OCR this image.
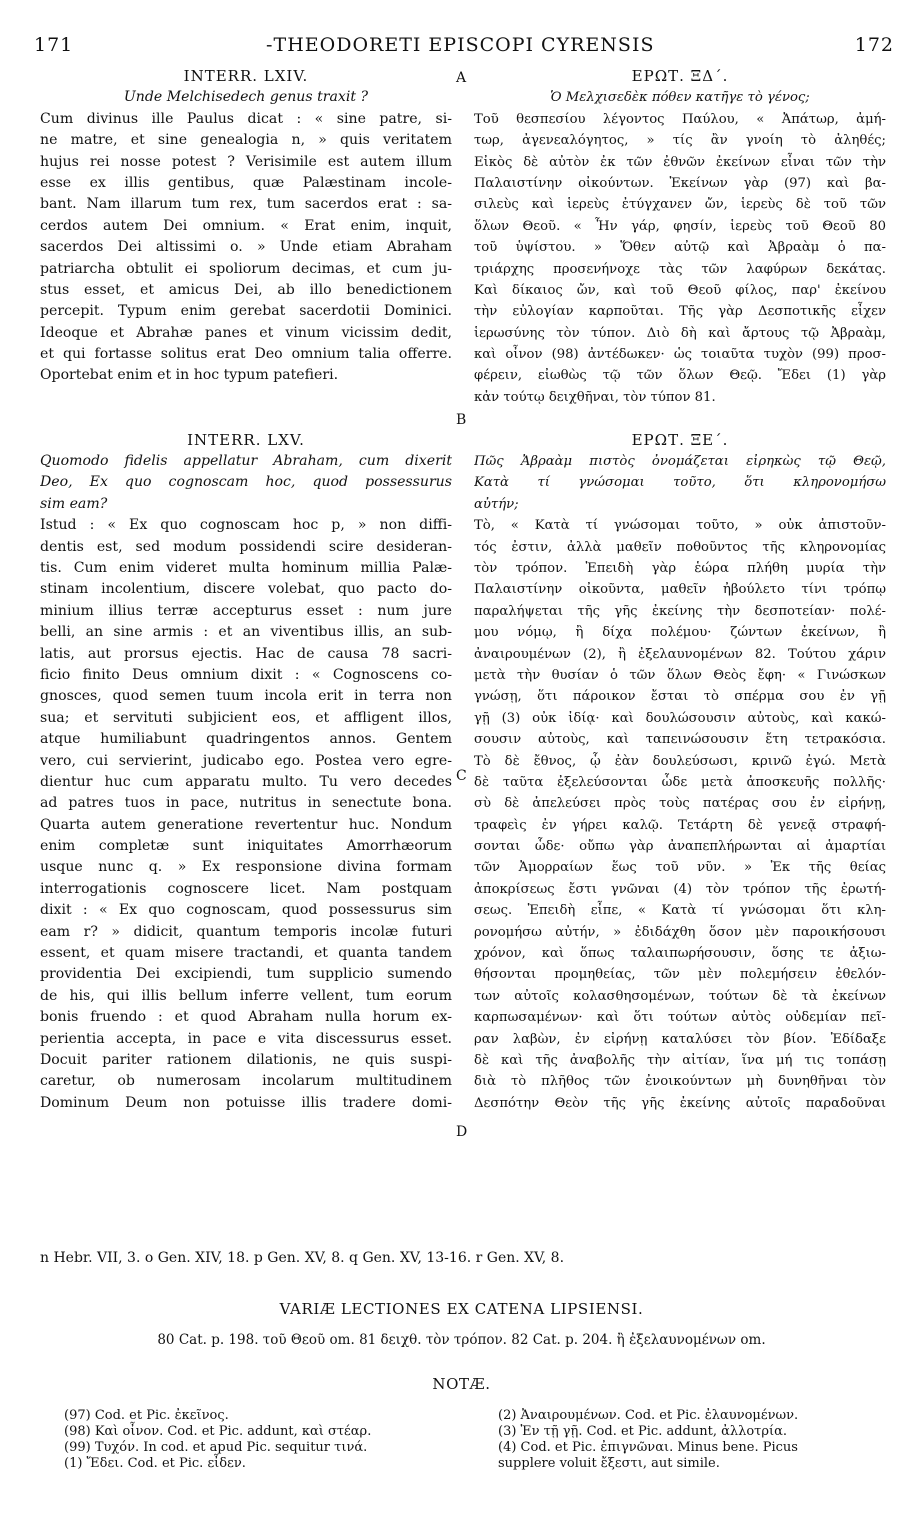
171	- THEODORETI EPISCOPI CYRENSIS	172
A
B
C
D
INTERR. LXIV.
Unde Melchisedech genus traxit ?
Cum divinus ille Paulus dicat : « sine patre, si-
ne matre, et sine genealogia n, » quis veritatem
hujus rei nosse potest ? Verisimile est autem illum
esse ex illis gentibus, quæ Palæstinam incole-
bant. Nam illarum tum rex, tum sacerdos erat : sa-
cerdos autem Dei omnium. « Erat enim, inquit,
sacerdos Dei altissimi o. » Unde etiam Abraham
patriarcha obtulit ei spoliorum decimas, et cum ju-
stus esset, et amicus Dei, ab illo benedictionem
percepit. Typum enim gerebat sacerdotii Dominici.
Ideoque et Abrahæ panes et vinum vicissim dedit,
et qui fortasse solitus erat Deo omnium talia offerre.
Oportebat enim et in hoc typum patefieri.
INTERR. LXV.
Quomodo fidelis appellatur Abraham, cum dixerit
Deo, Ex quo cognoscam hoc, quod possessurus
sim eam?
Istud : « Ex quo cognoscam hoc p, » non diffi-
dentis est, sed modum possidendi scire desideran-
tis. Cum enim videret multa hominum millia Palæ-
stinam incolentium, discere volebat, quo pacto do-
minium illius terræ accepturus esset : num jure
belli, an sine armis : et an viventibus illis, an sub-
latis, aut prorsus ejectis. Hac de causa 78 sacri-
ficio finito Deus omnium dixit : « Cognoscens co-
gnosces, quod semen tuum incola erit in terra non
sua; et servituti subjicient eos, et affligent illos,
atque humiliabunt quadringentos annos. Gentem
vero, cui servierint, judicabo ego. Postea vero egre-
dientur huc cum apparatu multo. Tu vero decedes
ad patres tuos in pace, nutritus in senectute bona.
Quarta autem generatione revertentur huc. Nondum
enim completæ sunt iniquitates Amorrhæorum
usque nunc q. » Ex responsione divina formam
interrogationis cognoscere licet. Nam postquam
dixit : « Ex quo cognoscam, quod possessurus sim
eam r? » didicit, quantum temporis incolæ futuri
essent, et quam misere tractandi, et quanta tandem
providentia Dei excipiendi, tum supplicio sumendo
de his, qui illis bellum inferre vellent, tum eorum
bonis fruendo : et quod Abraham nulla horum ex-
perientia accepta, in pace e vita discessurus esset.
Docuit pariter rationem dilationis, ne quis suspi-
caretur, ob numerosam incolarum multitudinem
Dominum Deum non potuisse illis tradere domi-
ΕΡΩΤ. ΞΔ΄.
Ὁ Μελχισεδὲκ πόθεν κατῆγε τὸ γένος;
Τοῦ θεσπεσίου λέγοντος Παύλου, « Ἀπάτωρ, ἀμή-
τωρ, ἀγενεαλόγητος, » τίς ἂν γνοίη τὸ ἀληθές;
Εἰκὸς δὲ αὐτὸν ἐκ τῶν ἐθνῶν ἐκείνων εἶναι τῶν τὴν
Παλαιστίνην οἰκούντων. Ἐκείνων γὰρ (97) καὶ βα-
σιλεὺς καὶ ἱερεὺς ἐτύγχανεν ὤν, ἱερεὺς δὲ τοῦ τῶν
ὅλων Θεοῦ. « Ἦν γάρ, φησίν, ἱερεὺς τοῦ Θεοῦ 80
τοῦ ὑψίστου. » Ὅθεν αὐτῷ καὶ Ἀβραὰμ ὁ πα-
τριάρχης προσενήνοχε τὰς τῶν λαφύρων δεκάτας.
Καὶ δίκαιος ὤν, καὶ τοῦ Θεοῦ φίλος, παρ' ἐκείνου
τὴν εὐλογίαν καρποῦται. Τῆς γὰρ Δεσποτικῆς εἶχεν
ἱερωσύνης τὸν τύπον. Διὸ δὴ καὶ ἄρτους τῷ Ἀβραὰμ,
καὶ οἶνον (98) ἀντέδωκεν· ὡς τοιαῦτα τυχὸν (99) προσ-
φέρειν, εἰωθὼς τῷ τῶν ὅλων Θεῷ. Ἔδει (1) γὰρ
κἀν τούτῳ δειχθῆναι, τὸν τύπον 81.
ΕΡΩΤ. ΞΕ΄.
Πῶς Ἀβραὰμ πιστὸς ὀνομάζεται εἰρηκὼς τῷ Θεῷ,
Κατὰ τί γνώσομαι τοῦτο, ὅτι κληρονομήσω
αὐτήν;
Τὸ, « Κατὰ τί γνώσομαι τοῦτο, » οὐκ ἀπιστοῦν-
τός ἐστιν, ἀλλὰ μαθεῖν ποθοῦντος τῆς κληρονομίας
τὸν τρόπον. Ἐπειδὴ γὰρ ἑώρα πλήθη μυρία τὴν
Παλαιστίνην οἰκοῦντα, μαθεῖν ἠβούλετο τίνι τρόπῳ
παραλήψεται τῆς γῆς ἐκείνης τὴν δεσποτείαν· πολέ-
μου νόμῳ, ἢ δίχα πολέμου· ζώντων ἐκείνων, ἢ
ἀναιρουμένων (2), ἢ ἐξελαυνομένων 82. Τούτου χάριν
μετὰ τὴν θυσίαν ὁ τῶν ὅλων Θεὸς ἔφη· « Γινώσκων
γνώσῃ, ὅτι πάροικον ἔσται τὸ σπέρμα σου ἐν γῇ
γῇ (3) οὐκ ἰδίᾳ· καὶ δουλώσουσιν αὐτοὺς, καὶ κακώ-
σουσιν αὐτοὺς, καὶ ταπεινώσουσιν ἔτη τετρακόσια.
Τὸ δὲ ἔθνος, ᾧ ἐὰν δουλεύσωσι, κρινῶ ἐγώ. Μετὰ
δὲ ταῦτα ἐξελεύσονται ὧδε μετὰ ἀποσκευῆς πολλῆς·
σὺ δὲ ἀπελεύσει πρὸς τοὺς πατέρας σου ἐν εἰρήνῃ,
τραφεὶς ἐν γήρει καλῷ. Τετάρτη δὲ γενεᾷ στραφή-
σονται ὧδε· οὔπω γὰρ ἀναπεπλήρωνται αἱ ἁμαρτίαι
τῶν Ἀμορραίων ἕως τοῦ νῦν. » Ἐκ τῆς θείας
ἀποκρίσεως ἔστι γνῶναι (4) τὸν τρόπον τῆς ἐρωτή-
σεως. Ἐπειδὴ εἶπε, « Κατὰ τί γνώσομαι ὅτι κλη-
ρονομήσω αὐτήν, » ἐδιδάχθη ὅσον μὲν παροικήσουσι
χρόνον, καὶ ὅπως ταλαιπωρήσουσιν, ὅσης τε ἀξιω-
θήσονται προμηθείας, τῶν μὲν πολεμήσειν ἐθελόν-
των αὐτοῖς κολασθησομένων, τούτων δὲ τὰ ἐκείνων
καρπωσαμένων· καὶ ὅτι τούτων αὐτὸς οὐδεμίαν πεῖ-
ραν λαβὼν, ἐν εἰρήνῃ καταλύσει τὸν βίον. Ἐδίδαξε
δὲ καὶ τῆς ἀναβολῆς τὴν αἰτίαν, ἵνα μή τις τοπάσῃ
διὰ τὸ πλῆθος τῶν ἐνοικούντων μὴ δυνηθῆναι τὸν
Δεσπότην Θεὸν τῆς γῆς ἐκείνης αὐτοῖς παραδοῦναι
n Hebr. VII, 3. o Gen. XIV, 18. p Gen. XV, 8. q Gen. XV, 13-16. r Gen. XV, 8.
VARIÆ LECTIONES EX CATENA LIPSIENSI.
80 Cat. p. 198. τοῦ Θεοῦ om. 81 δειχθ. τὸν τρόπον. 82 Cat. p. 204. ἢ ἐξελαυνομένων om.
NOTÆ.
(97) Cod. et Pic. ἐκεῖνος.
(98) Καὶ οἶνον. Cod. et Pic. addunt, καὶ στέαρ.
(99) Τυχόν. In cod. et apud Pic. sequitur τινά.
(1) Ἔδει. Cod. et Pic. εἶδεν.
(2) Ἀναιρουμένων. Cod. et Pic. ἐλαυνομένων.
(3) Ἐν τῇ γῇ. Cod. et Pic. addunt, ἀλλοτρία.
(4) Cod. et Pic. ἐπιγνῶναι. Minus bene. Picus
supplere voluit ἔξεστι, aut simile.
